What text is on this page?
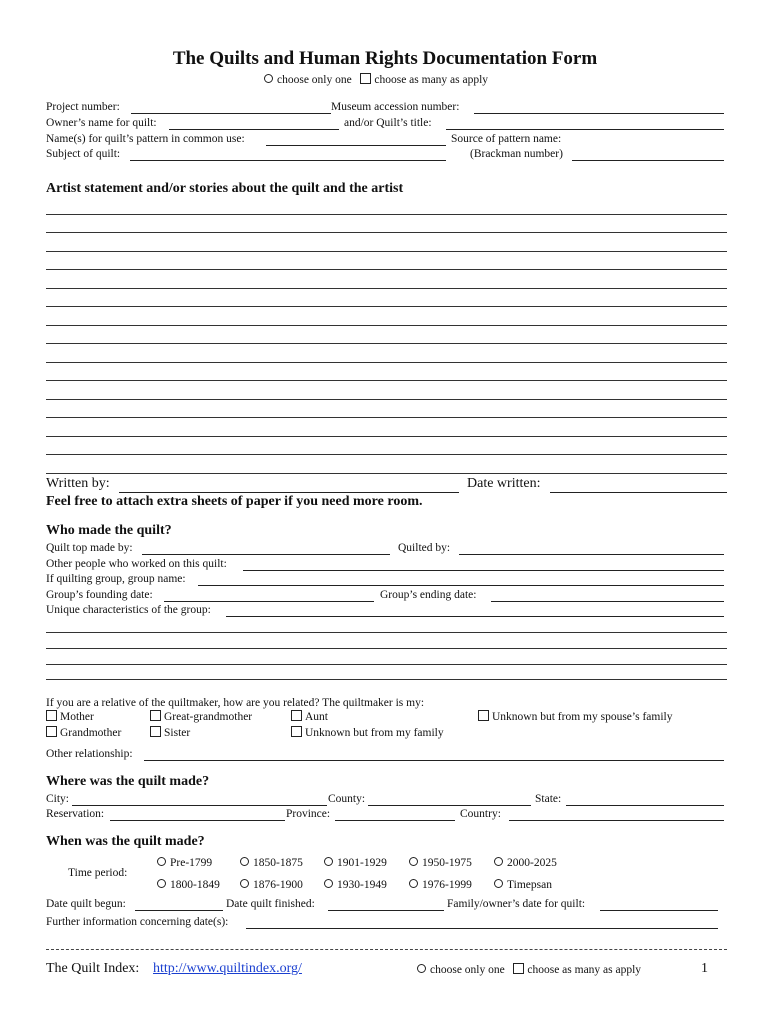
The Quilts and Human Rights Documentation Form
choose only one choose as many as apply
Project number:	Museum accession number:
Owner’s name for quilt:	and/or Quilt’s title:
Name(s) for quilt’s pattern in common use:	Source of pattern name:
Subject of quilt:	(Brackman number)
Artist statement and/or stories about the quilt and the artist
Written by:	Date written:
Feel free to attach extra sheets of paper if you need more room.
Who made the quilt?
Quilt top made by:	Quilted by:
Other people who worked on this quilt:
If quilting group, group name:
Group’s founding date:	Group’s ending date:
Unique characteristics of the group:
If you are a relative of the quiltmaker, how are you related? The quiltmaker is my:
Mother	Great-grandmother	Aunt	Unknown but from my spouse’s family
Grandmother	Sister	Unknown but from my family
Other relationship:
Where was the quilt made?
City:	County:	State:
Reservation:	Province:	Country:
When was the quilt made?
Time period:
Pre-1799	1850-1875	1901-1929	1950-1975	2000-2025
1800-1849	1876-1900	1930-1949	1976-1999	Timepsan
Date quilt begun:	Date quilt finished:	Family/owner’s date for quilt:
Further information concerning date(s):
The Quilt Index: http://www.quiltindex.org/	choose only one choose as many as apply	1
